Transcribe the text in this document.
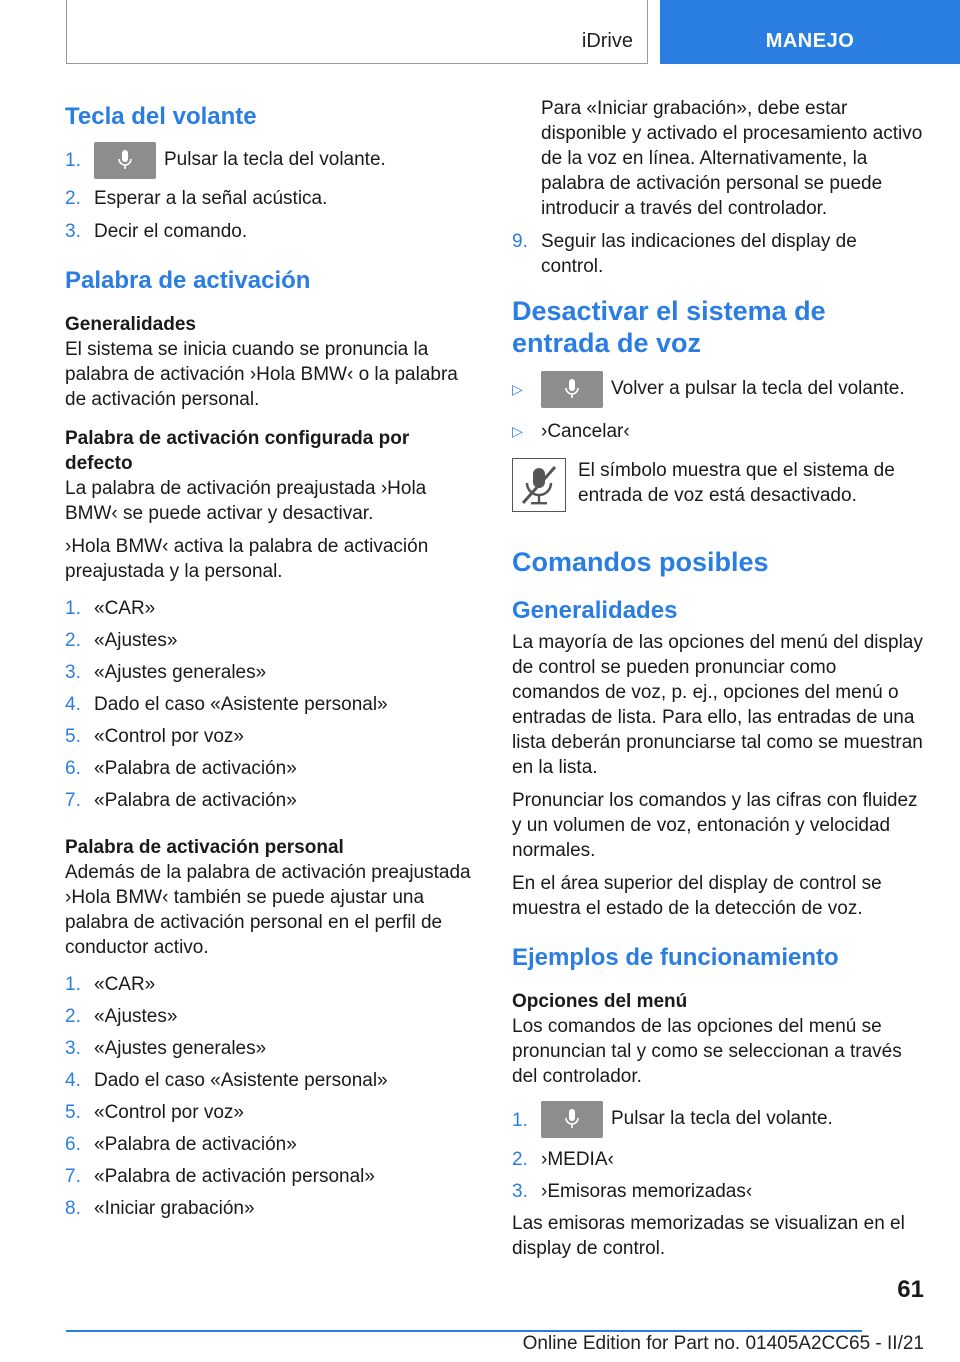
iDrive	MANEJO
Tecla del volante
1.	Pulsar la tecla del volante.
2. Esperar a la señal acústica.
3. Decir el comando.
Palabra de activación
Generalidades

El sistema se inicia cuando se pronuncia la palabra de activación ›Hola BMW‹ o la palabra de activación personal.

Palabra de activación configurada por defecto

La palabra de activación preajustada ›Hola BMW‹ se puede activar y desactivar.

›Hola BMW‹ activa la palabra de activación preajustada y la personal.

1. «CAR»
2. «Ajustes»
3. «Ajustes generales»
4. Dado el caso «Asistente personal»
5. «Control por voz»
6. «Palabra de activación»
7. «Palabra de activación»
Palabra de activación personal

Además de la palabra de activación preajustada ›Hola BMW‹ también se puede ajustar una palabra de activación personal en el perfil de conductor activo.

1. «CAR»
2. «Ajustes»
3. «Ajustes generales»
4. Dado el caso «Asistente personal»
5. «Control por voz»
6. «Palabra de activación»
7. «Palabra de activación personal»
8. «Iniciar grabación»

Para «Iniciar grabación», debe estar disponible y activado el procesamiento activo de la voz en línea. Alternativamente, la palabra de activación personal se puede introducir a través del controlador.

9. Seguir las indicaciones del display de control.
Desactivar el sistema de entrada de voz
▷	Volver a pulsar la tecla del volante.
▷ ›Cancelar‹

El símbolo muestra que el sistema de entrada de voz está desactivado.

Comandos posibles
Generalidades

La mayoría de las opciones del menú del display de control se pueden pronunciar como comandos de voz, p. ej., opciones del menú o entradas de lista. Para ello, las entradas de una lista deberán pronunciarse tal como se muestran en la lista.

Pronunciar los comandos y las cifras con fluidez y un volumen de voz, entonación y velocidad normales.

En el área superior del display de control se muestra el estado de la detección de voz.

Ejemplos de funcionamiento
Opciones del menú

Los comandos de las opciones del menú se pronuncian tal y como se seleccionan a través del controlador.

1.	Pulsar la tecla del volante.
2. ›MEDIA‹
3. ›Emisoras memorizadas‹

Las emisoras memorizadas se visualizan en el display de control.

61
Online Edition for Part no. 01405A2CC65 - II/21
